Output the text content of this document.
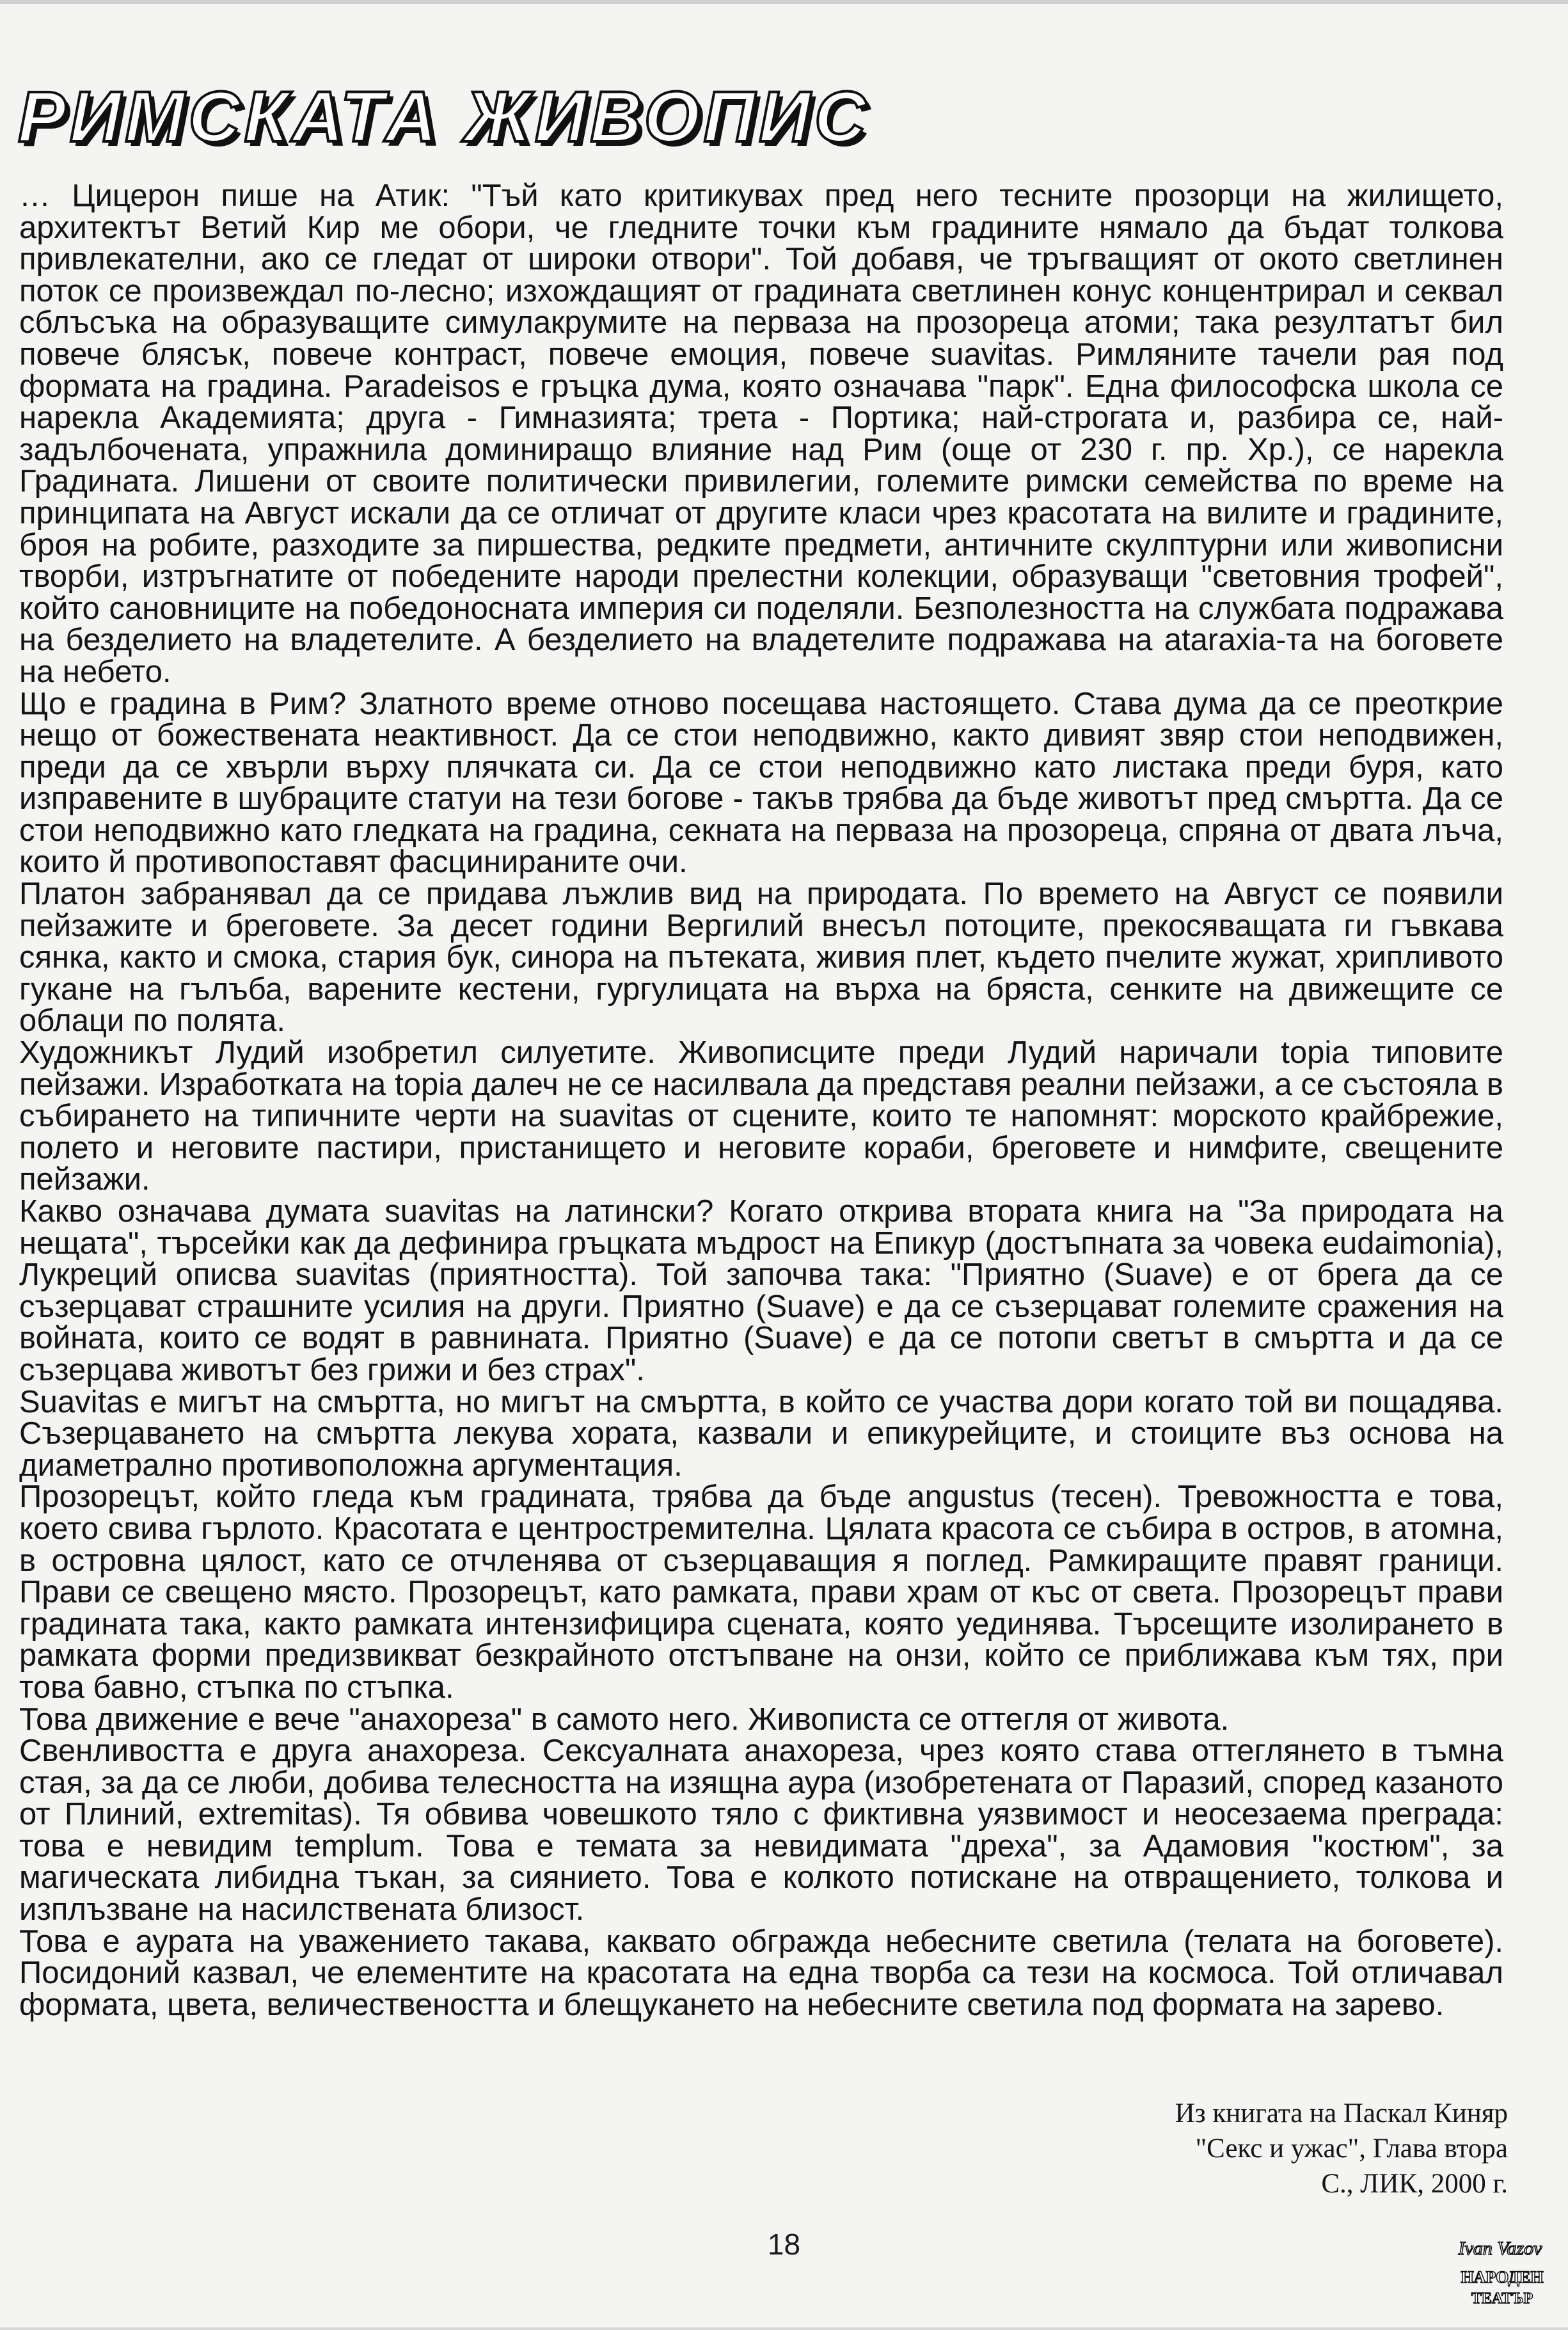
РИМСКАТА ЖИВОПИС

… Цицерон пише на Атик: "Тъй като критикувах пред него тесните прозорци на жилището, архитектът Ветий Кир ме обори, че гледните точки към градините нямало да бъдат толкова привлекателни, ако се гледат от широки отвори". Той добавя, че тръгващият от окото светлинен поток се произвеждал по-лесно; изхождащият от градината светлинен конус концентрирал и секвал сблъсъка на образуващите симулакрумите на первaза на прозореца атоми; така резултатът бил повече блясък, повече контраст, повече емоция, повече suavitas. Римляните тачели рая под формата на градина. Paradeisos е гръцка дума, която означава "парк". Една философска школа се нарекла Академията; друга - Гимназията; трета - Портика; най-строгата и, разбира се, най-задълбочената, упражнила доминиращо влияние над Рим (още от 230 г. пр. Хр.), се нарекла Градината. Лишени от своите политически привилегии, големите римски семейства по време на принципата на Август искали да се отличат от другите класи чрез красотата на вилите и градините, броя на робите, разходите за пиршества, редките предмети, античните скулптурни или живописни творби, изтръгнатите от победените народи прелестни колекции, образуващи "световния трофей", който сановниците на победоносната империя си поделяли. Безполезността на службата подражава на безделието на владетелите. А безделието на владетелите подражава на ataraxia-та на боговете на небето.

Що е градина в Рим? Златното време отново посещава настоящето. Става дума да се преоткрие нещо от божествената неактивност. Да се стои неподвижно, както дивият звяр стои неподвижен, преди да се хвърли върху плячката си. Да се стои неподвижно като листака преди буря, като изправените в шубраците статуи на тези богове - такъв трябва да бъде животът пред смъртта. Да се стои неподвижно като гледката на градина, секната на первaза на прозореца, спряна от двата лъча, които й противопоставят фасцинираните очи.

Платон забранявал да се придава лъжлив вид на природата. По времето на Август се появили пейзажите и бреговете. За десет години Вергилий внесъл потоците, прекосяващата ги гъвкава сянка, както и смока, стария бук, синора на пътеката, живия плет, където пчелите жужат, хрипливото гукане на гълъба, варените кестени, гургулицата на върха на бряста, сенките на движещите се облаци по полята.

Художникът Лудий изобретил силуетите. Живописците преди Лудий наричали topia типовите пейзажи. Изработката на topia далеч не се насилвала да представя реални пейзажи, а се състояла в събирането на типичните черти на suavitas от сцените, които те напомнят: морското крайбрежие, полето и неговите пастири, пристанището и неговите кораби, бреговете и нимфите, свещените пейзажи.

Какво означава думата suavitas на латински? Когато открива втората книга на "За природата на нещата", търсейки как да дефинира гръцката мъдрост на Епикур (достъпната за човека eudaimonia), Лукреций описва suavitas (приятността). Той започва така: "Приятно (Suave) е от брега да се съзерцават страшните усилия на други. Приятно (Suave) е да се съзерцават големите сражения на войната, които се водят в равнината. Приятно (Suave) е да се потопи светът в смъртта и да се съзерцава животът без грижи и без страх".

Suavitas е мигът на смъртта, но мигът на смъртта, в който се участва дори когато той ви пощадява. Съзерцаването на смъртта лекува хората, казвали и епикурейците, и стоиците въз основа на диаметрално противоположна аргументация.

Прозорецът, който гледа към градината, трябва да бъде angustus (тесен). Тревожността е това, което свива гърлото. Красотата е центростремителна. Цялата красота се събира в остров, в атомна, в островна цялост, като се отчленява от съзерцаващия я поглед. Рамкиращите правят граници. Прави се свещено място. Прозорецът, като рамката, прави храм от къс от света. Прозорецът прави градината така, както рамката интензифицира сцената, която уединява. Търсещите изолирането в рамката форми предизвикват безкрайното отстъпване на онзи, който се приближава към тях, при това бавно, стъпка по стъпка.

Това движение е вече "анахореза" в самото него. Живописта се оттегля от живота.

Свенливостта е друга анахореза. Сексуалната анахореза, чрез която става оттеглянето в тъмна стая, за да се люби, добива телесността на изящна аура (изобретената от Паразий, според казаното от Плиний, extremitas). Тя обвива човешкото тяло с фиктивна уязвимост и неосезаема преграда: това е невидим templum. Това е темата за невидимата "дреха", за Адамовия "костюм", за магическата либидна тъкан, за сиянието. Това е колкото потискане на отвращението, толкова и изплъзване на насилствената близост.

Това е аурата на уважението такава, каквато обгражда небесните светила (телата на боговете). Посидоний казвал, че елементите на красотата на една творба са тези на космоса. Той отличавал формата, цвета, величествеността и блещукането на небесните светила под формата на зарево.

Из книгата на Паскал Киняр
"Секс и ужас", Глава втора
С., ЛИК, 2000 г.
18	Ivan Vazov
НАРОДЕН
ТЕАТЪР
